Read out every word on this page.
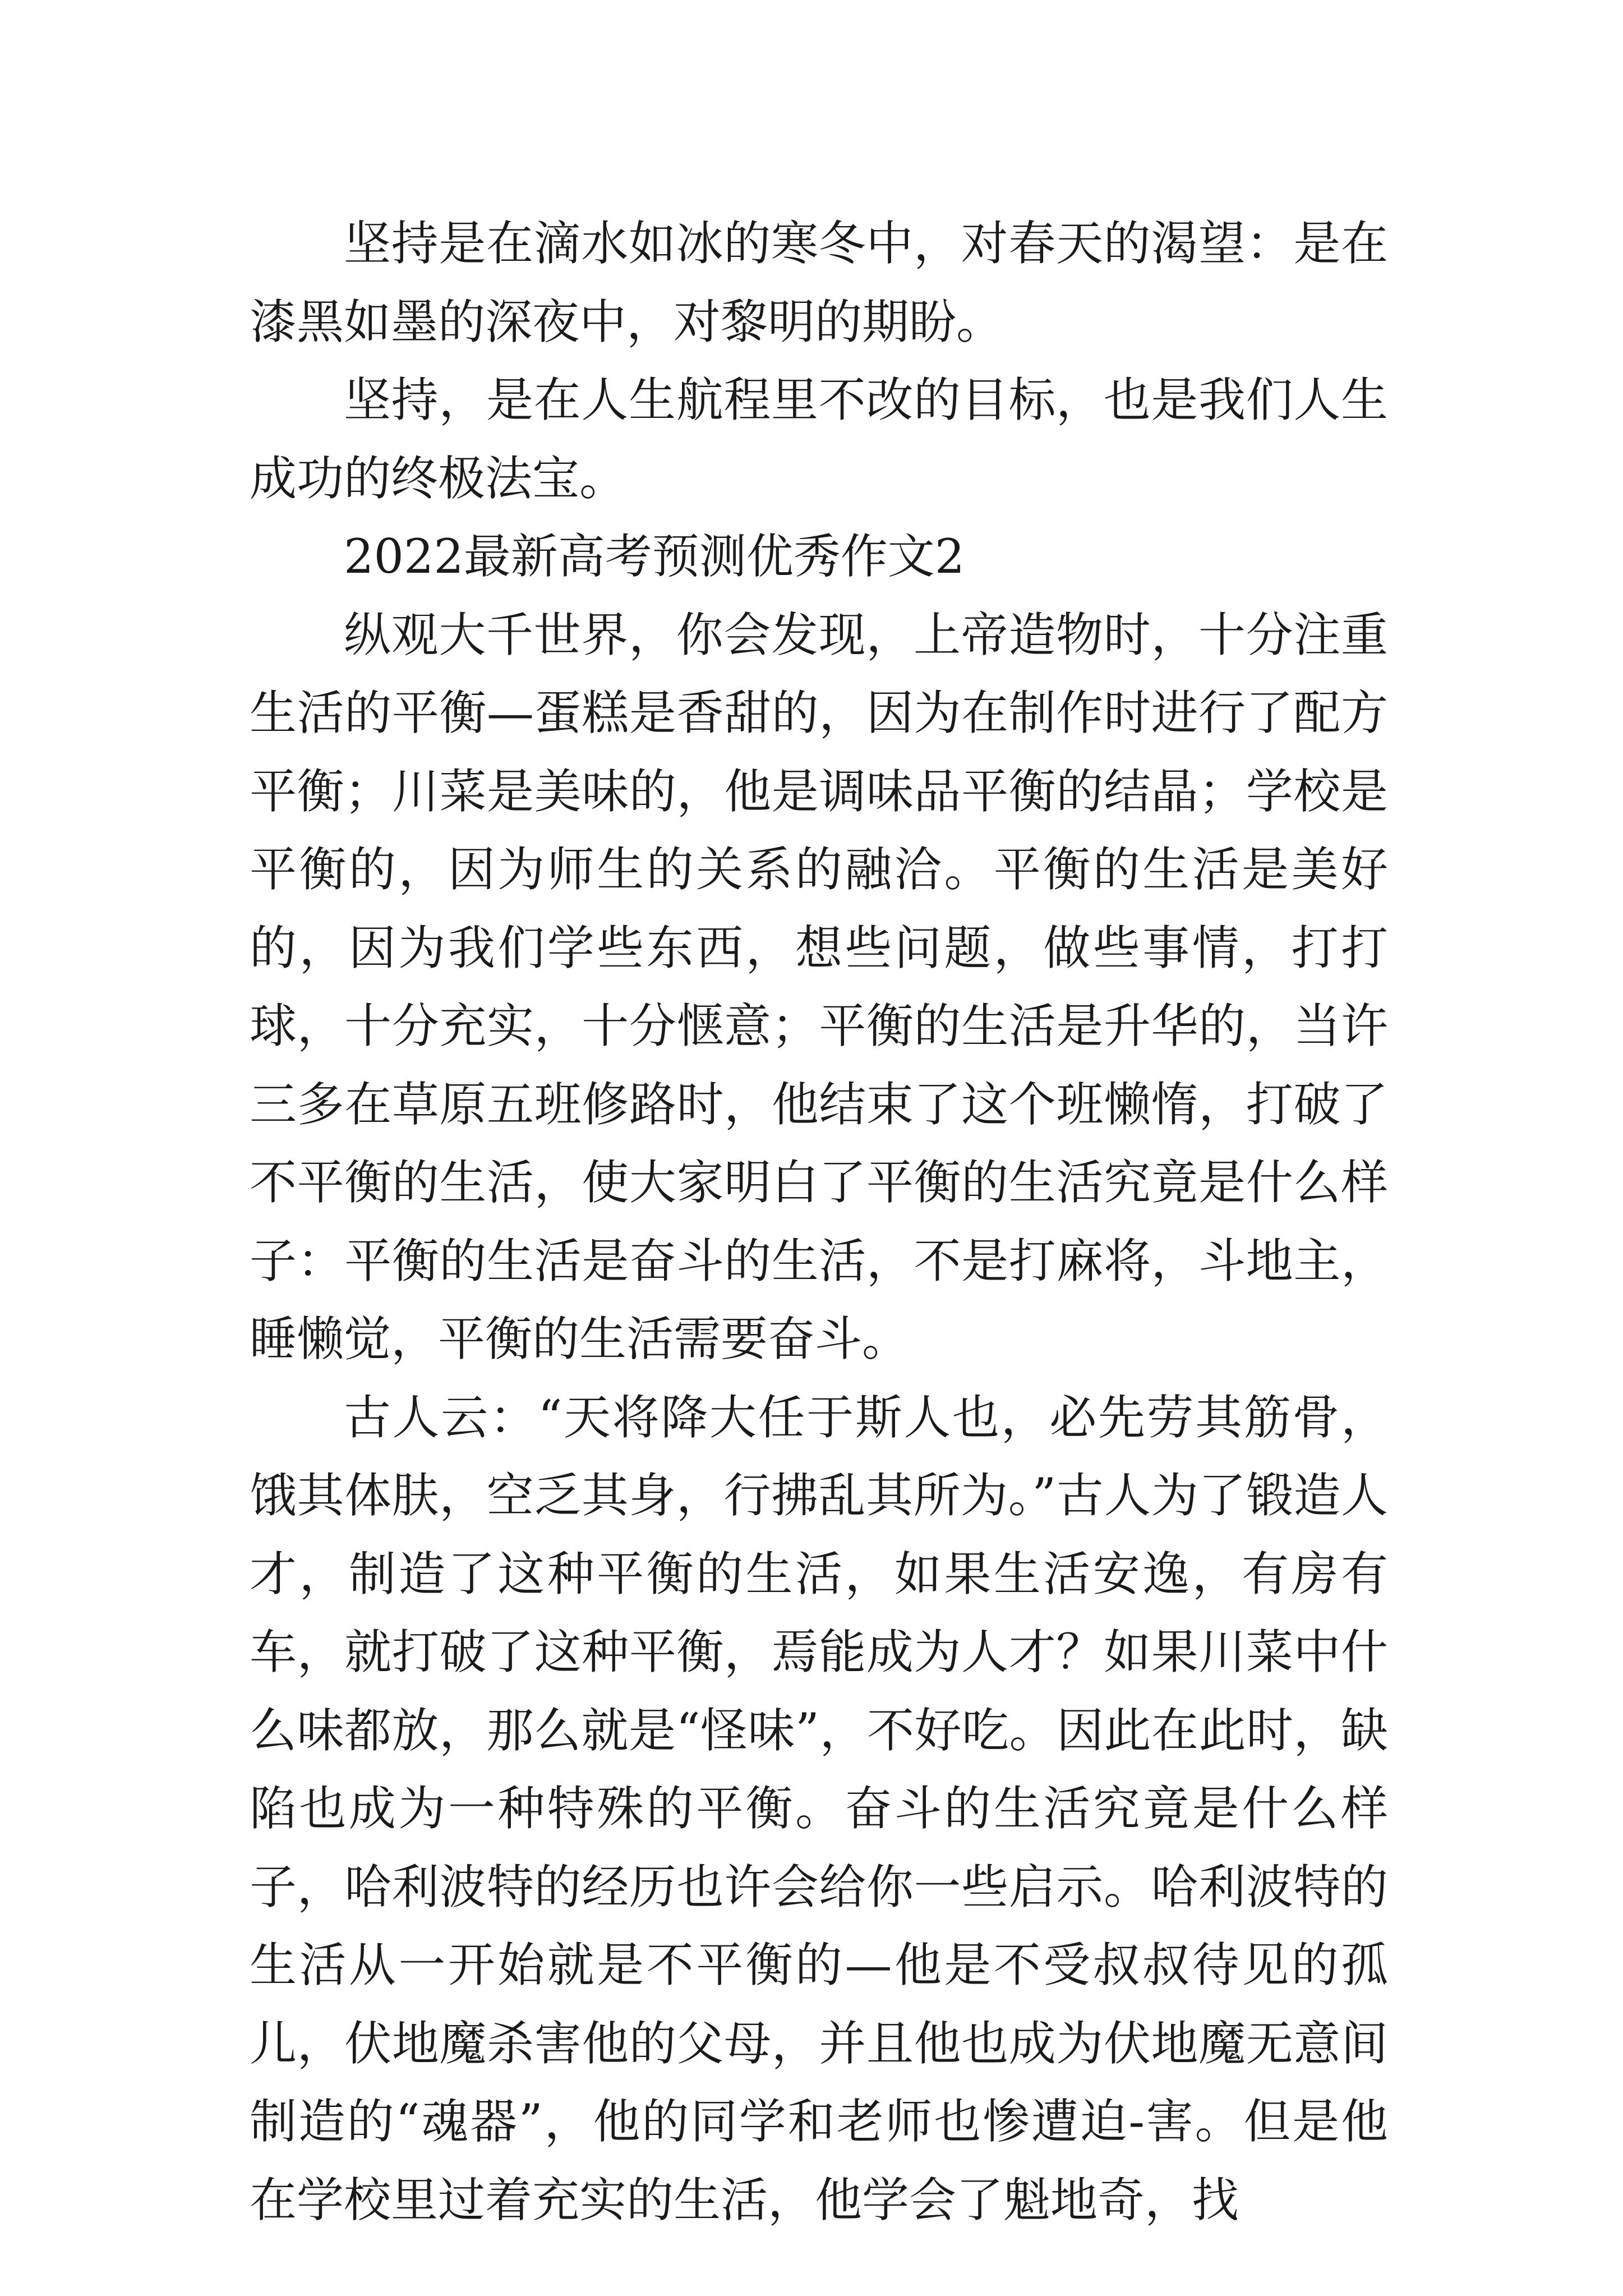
坚持是在滴水如冰的寒冬中，对春天的渴望：是在漆黑如墨的深夜中，对黎明的期盼。

坚持，是在人生航程里不改的目标，也是我们人生成功的终极法宝。

2022最新高考预测优秀作文2

纵观大千世界，你会发现，上帝造物时，十分注重生活的平衡—蛋糕是香甜的，因为在制作时进行了配方平衡；川菜是美味的，他是调味品平衡的结晶；学校是平衡的，因为师生的关系的融洽。平衡的生活是美好的，因为我们学些东西，想些问题，做些事情，打打球，十分充实，十分惬意；平衡的生活是升华的，当许三多在草原五班修路时，他结束了这个班懒惰，打破了不平衡的生活，使大家明白了平衡的生活究竟是什么样子：平衡的生活是奋斗的生活，不是打麻将，斗地主，睡懒觉，平衡的生活需要奋斗。

古人云：“天将降大任于斯人也，必先劳其筋骨，饿其体肤，空乏其身，行拂乱其所为。”古人为了锻造人才，制造了这种平衡的生活，如果生活安逸，有房有车，就打破了这种平衡，焉能成为人才？如果川菜中什么味都放，那么就是“怪味”，不好吃。因此在此时，缺陷也成为一种特殊的平衡。奋斗的生活究竟是什么样子，哈利波特的经历也许会给你一些启示。哈利波特的生活从一开始就是不平衡的—他是不受叔叔待见的孤儿，伏地魔杀害他的父母，并且他也成为伏地魔无意间制造的“魂器”，他的同学和老师也惨遭迫-害。但是他在学校里过着充实的生活，他学会了魁地奇，找
